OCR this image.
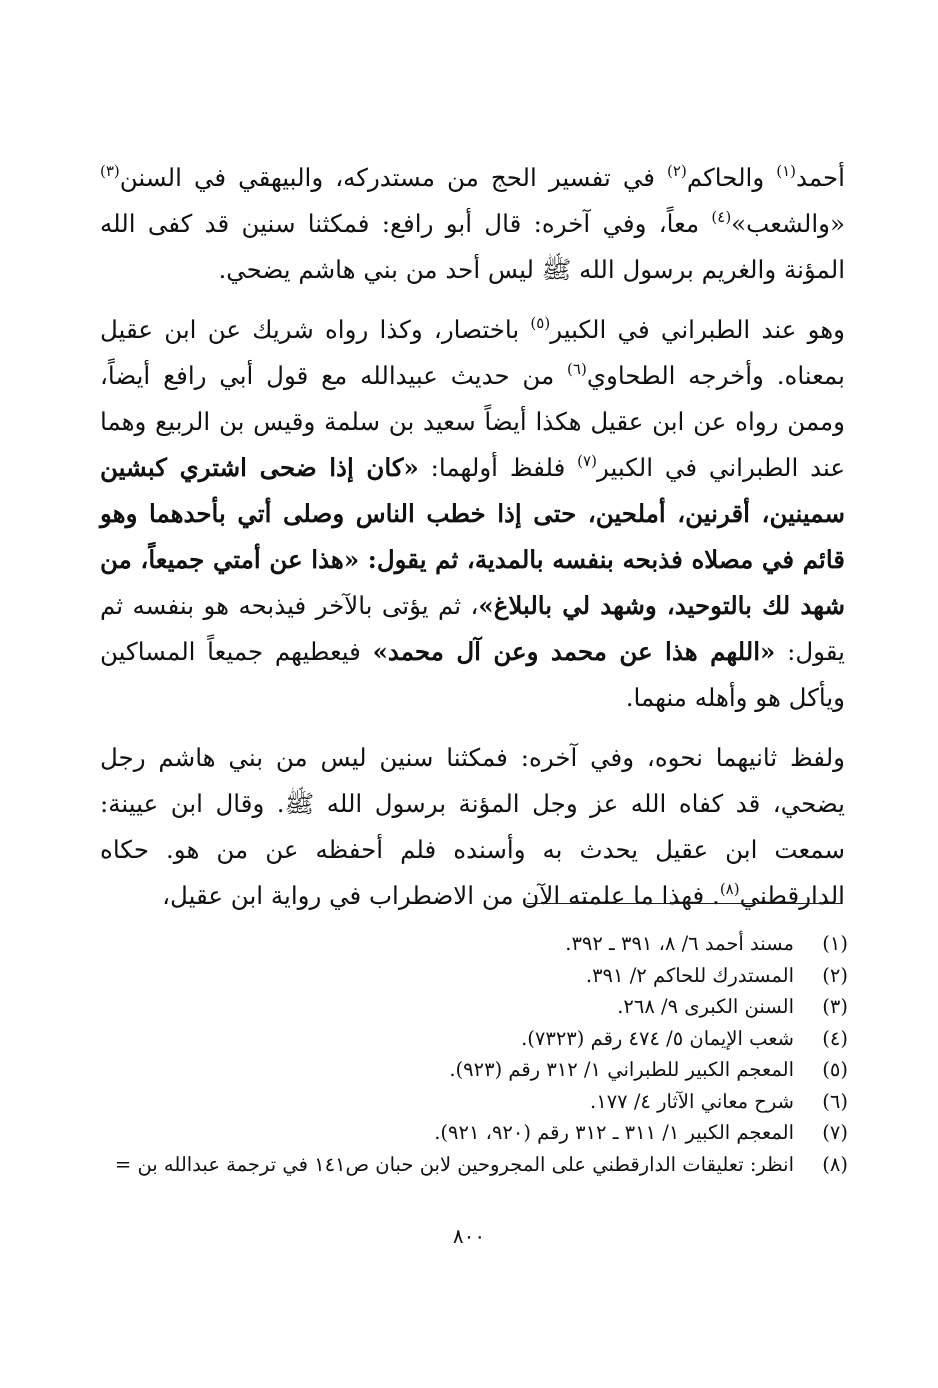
أحمد$^{(١)}$ والحاكم$^{(٢)}$ في تفسير الحج من مستدركه، والبيهقي في السنن$^{(٣)}$ «والشعب»$^{(٤)}$ معاً، وفي آخره: قال أبو رافع: فمكثنا سنين قد كفى الله المؤنة والغريم برسول الله ﷺ ليس أحد من بني هاشم يضحي.

وهو عند الطبراني في الكبير$^{(٥)}$ باختصار، وكذا رواه شريك عن ابن عقيل بمعناه. وأخرجه الطحاوي$^{(٦)}$ من حديث عبيدالله مع قول أبي رافع أيضاً، وممن رواه عن ابن عقيل هكذا أيضاً سعيد بن سلمة وقيس بن الربيع وهما عند الطبراني في الكبير$^{(٧)}$ فلفظ أولهما: «كان إذا ضحى اشتري كبشين سمينين، أقرنين، أملحين، حتى إذا خطب الناس وصلى أتي بأحدهما وهو قائم في مصلاه فذبحه بنفسه بالمدية، ثم يقول: «هذا عن أمتي جميعاً، من شهد لك بالتوحيد، وشهد لي بالبلاغ»، ثم يؤتى بالآخر فيذبحه هو بنفسه ثم يقول: «اللهم هذا عن محمد وعن آل محمد» فيعطيهم جميعاً المساكين ويأكل هو وأهله منهما.

ولفظ ثانيهما نحوه، وفي آخره: فمكثنا سنين ليس من بني هاشم رجل يضحي، قد كفاه الله عز وجل المؤنة برسول الله ﷺ. وقال ابن عيينة: سمعت ابن عقيل يحدث به وأسنده فلم أحفظه عن من هو. حكاه الدارقطني$^{(٨)}$. فهذا ما علمته الآن من الاضطراب في رواية ابن عقيل،

(١)
مسند أحمد ٦/ ٨، ٣٩١ ـ ٣٩٢.
(٢)
المستدرك للحاكم ٢/ ٣٩١.
(٣)
السنن الكبرى ٩/ ٢٦٨.
(٤)
شعب الإيمان ٥/ ٤٧٤ رقم (٧٣٢٣).
(٥)
المعجم الكبير للطبراني ١/ ٣١٢ رقم (٩٢٣).
(٦)
شرح معاني الآثار ٤/ ١٧٧.
(٧)
المعجم الكبير ١/ ٣١١ ـ ٣١٢ رقم (٩٢٠، ٩٢١).
(٨)
انظر: تعليقات الدارقطني على المجروحين لابن حبان ص١٤١ في ترجمة عبدالله بن =
٨٠٠
